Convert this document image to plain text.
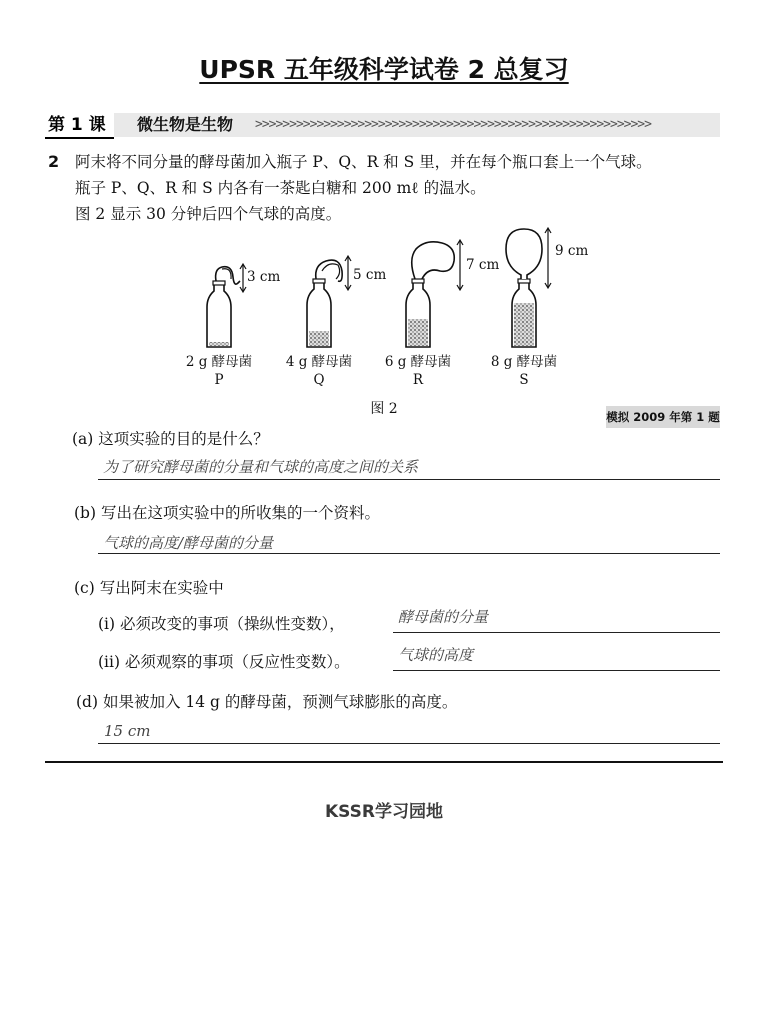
UPSR 五年级科学试卷 2 总复习
第 1 课	微生物是生物 >>>>>>>>>>>>>>>>>>>>>>>>>>>>>>>>>>>>>>>>>>>>>>>>>>>>>>>>>>
2 阿末将不同分量的酵母菌加入瓶子 P、Q、R 和 S 里，并在每个瓶口套上一个气球。
瓶子 P、Q、R 和 S 内各有一茶匙白糖和 200 mℓ 的温水。
图 2 显示 30 分钟后四个气球的高度。
3 cm	5 cm
7 cm
9 cm
2 g 酵母菌
P
4 g 酵母菌
Q
6 g 酵母菌
R
8 g 酵母菌
S
图 2	模拟 2009 年第 1 题
(a) 这项实验的目的是什么？
为了研究酵母菌的分量和气球的高度之间的关系
(b) 写出在这项实验中的所收集的一个资料。
气球的高度/酵母菌的分量
(c) 写出阿末在实验中
(i) 必须改变的事项（操纵性变数），	酵母菌的分量
(ii) 必须观察的事项（反应性变数）。	气球的高度
(d) 如果被加入 14 g 的酵母菌，预测气球膨胀的高度。
15 cm
KSSR学习园地
